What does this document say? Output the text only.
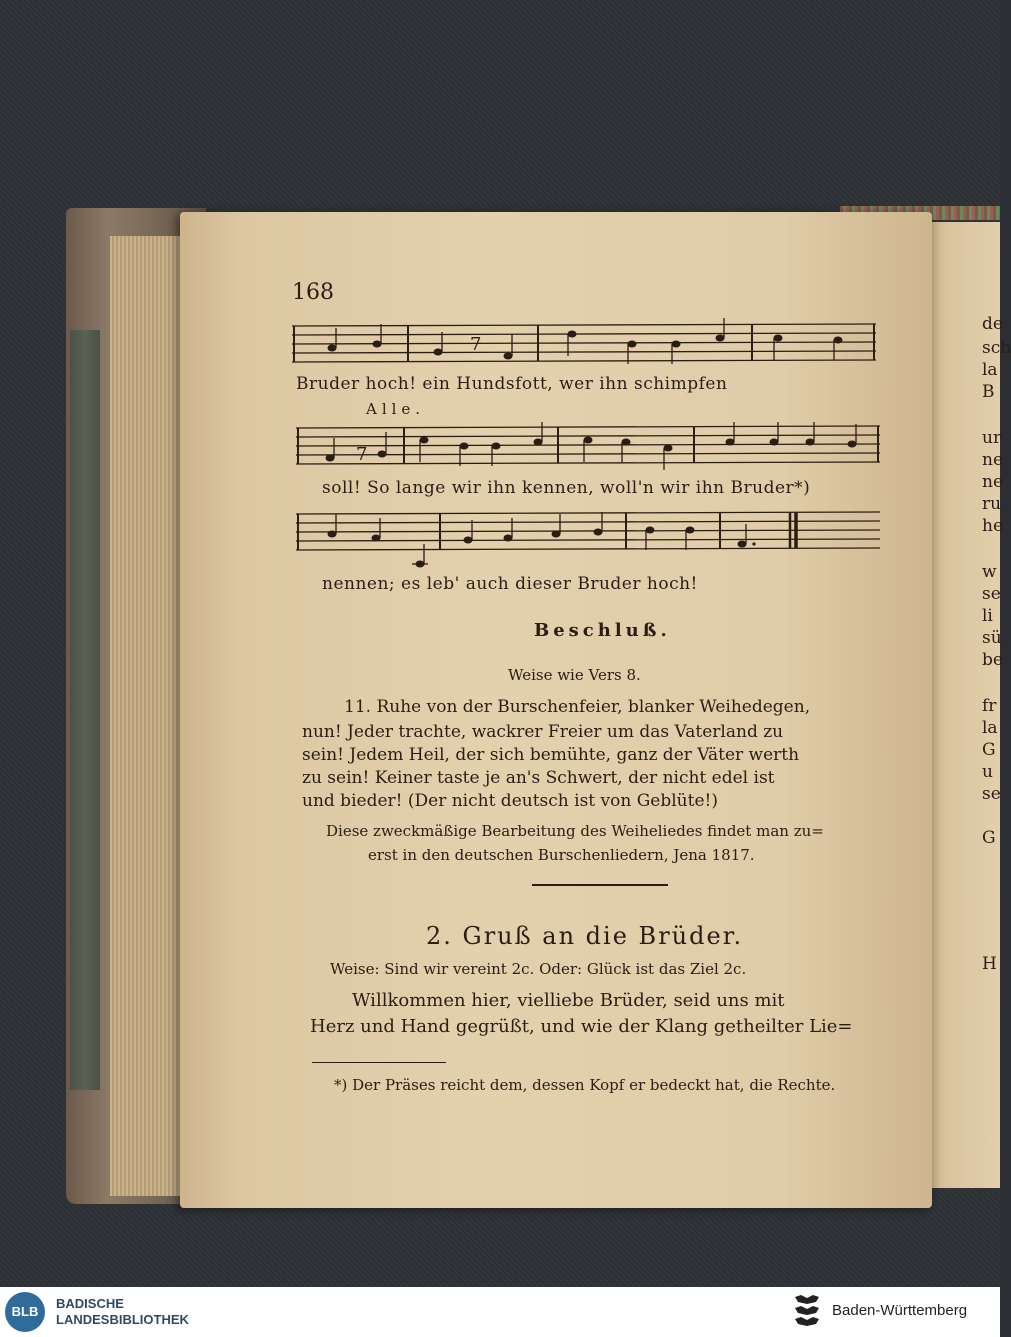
168
7
Bruder hoch! ein Hundsfott, wer ihn schimpfen
Alle.
7
soll! So lange wir ihn kennen, woll'n wir ihn Bruder*)
nennen; es leb' auch dieser Bruder hoch!
Beschluß.
Weise wie Vers 8.
11. Ruhe von der Burschenfeier, blanker Weihedegen,
nun! Jeder trachte, wackrer Freier um das Vaterland zu
sein! Jedem Heil, der sich bemühte, ganz der Väter werth
zu sein! Keiner taste je an's Schwert, der nicht edel ist
und bieder! (Der nicht deutsch ist von Geblüte!)
Diese zweckmäßige Bearbeitung des Weiheliedes findet man zu=
erst in den deutschen Burschenliedern, Jena 1817.
2. Gruß an die Brüder.
Weise: Sind wir vereint 2c. Oder: Glück ist das Ziel 2c.
Willkommen hier, vielliebe Brüder, seid uns mit
Herz und Hand gegrüßt, und wie der Klang getheilter Lie=
*) Der Präses reicht dem, dessen Kopf er bedeckt hat, die Rechte.
de
sch
la
B
ur
ne
ne
ru
he
w
se
li
sü
be
fr
la
G
u
se
G
H
BLB
BADISCHE
LANDESBIBLIOTHEK
Baden-Württemberg
